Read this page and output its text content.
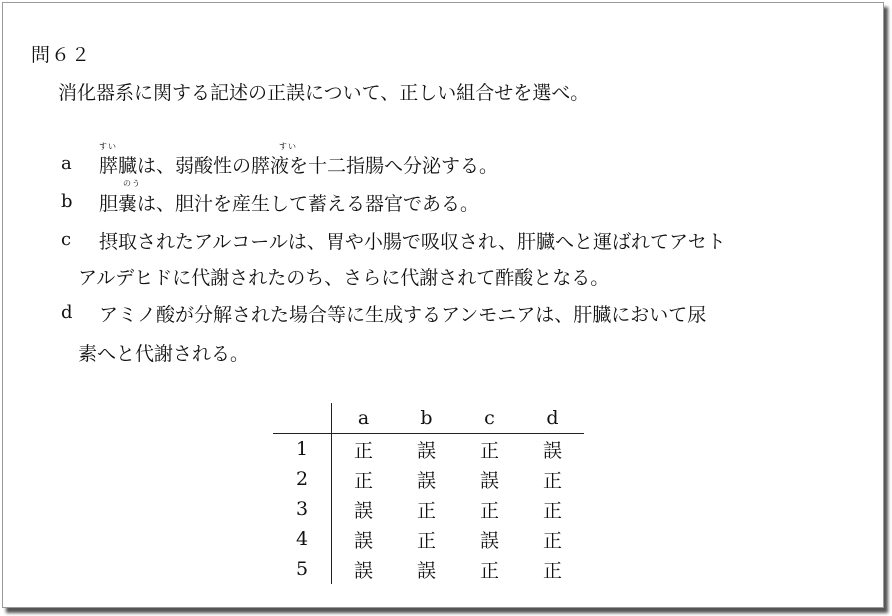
問６２
消化器系に関する記述の正誤について、正しい組合せを選べ。
すい	すい
のう
a 膵臓は、弱酸性の膵液を十二指腸へ分泌する。
b 胆嚢は、胆汁を産生して蓄える器官である。
c 摂取されたアルコールは、胃や小腸で吸収され、肝臓へと運ばれてアセト
アルデヒドに代謝されたのち、さらに代謝されて酢酸となる。
d アミノ酸が分解された場合等に生成するアンモニアは、肝臓において尿
素へと代謝される。
	a	b	c	d
1	正	誤	正	誤
2	正	誤	誤	正
3	誤	正	正	正
4	誤	正	誤	正
5	誤	誤	正	正
